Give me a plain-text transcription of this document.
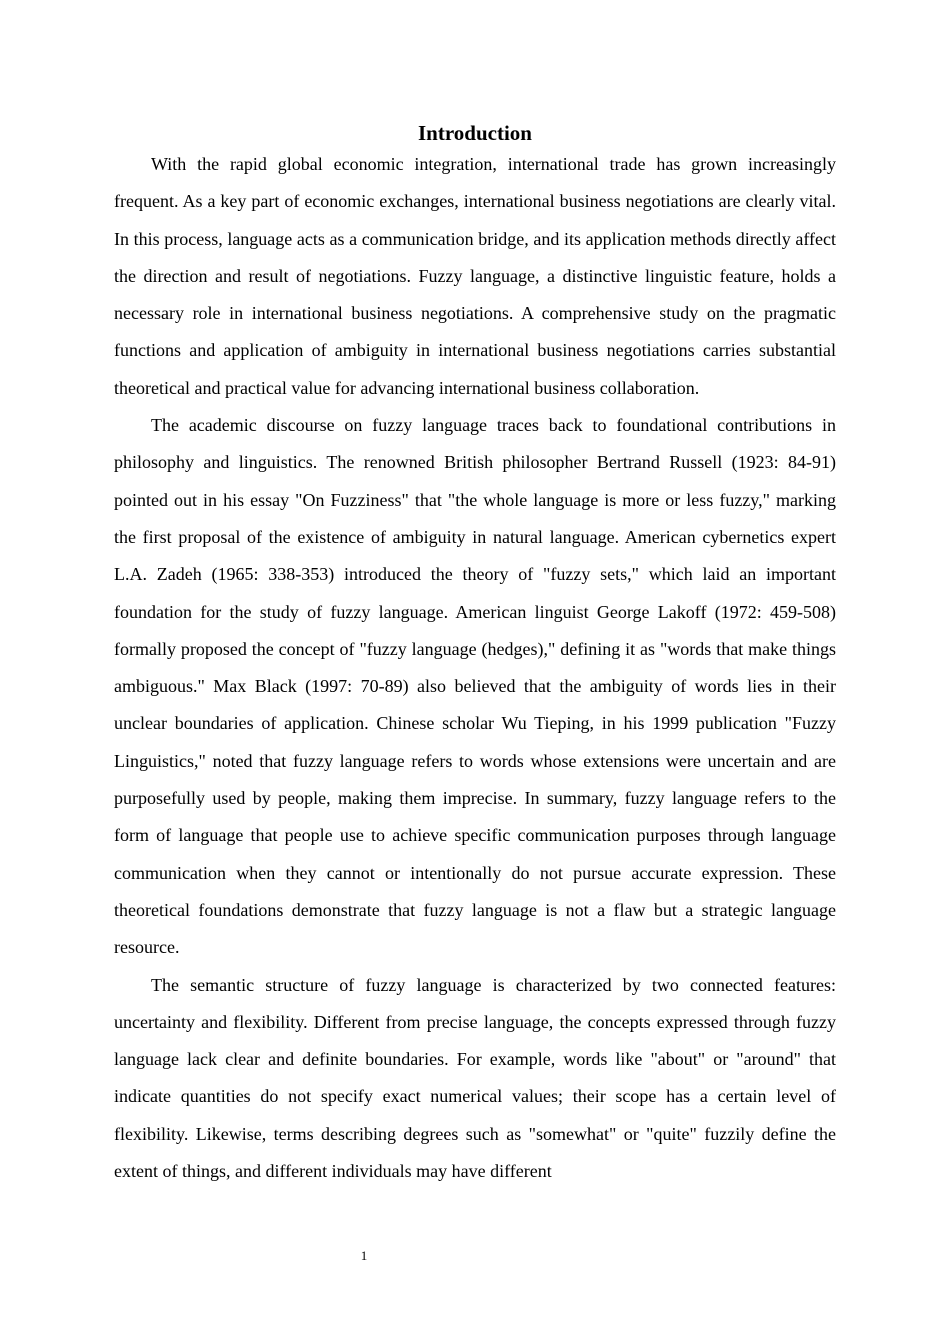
Introduction

With the rapid global economic integration, international trade has grown increasingly frequent. As a key part of economic exchanges, international business negotiations are clearly vital. In this process, language acts as a communication bridge, and its application methods directly affect the direction and result of negotiations. Fuzzy language, a distinctive linguistic feature, holds a necessary role in international business negotiations. A comprehensive study on the pragmatic functions and application of ambiguity in international business negotiations carries substantial theoretical and practical value for advancing international business collaboration.

The academic discourse on fuzzy language traces back to foundational contributions in philosophy and linguistics. The renowned British philosopher Bertrand Russell (1923: 84-91) pointed out in his essay "On Fuzziness" that "the whole language is more or less fuzzy," marking the first proposal of the existence of ambiguity in natural language. American cybernetics expert L.A. Zadeh (1965: 338-353) introduced the theory of "fuzzy sets," which laid an important foundation for the study of fuzzy language. American linguist George Lakoff (1972: 459-508) formally proposed the concept of "fuzzy language (hedges)," defining it as "words that make things ambiguous." Max Black (1997: 70-89) also believed that the ambiguity of words lies in their unclear boundaries of application. Chinese scholar Wu Tieping, in his 1999 publication "Fuzzy Linguistics," noted that fuzzy language refers to words whose extensions were uncertain and are purposefully used by people, making them imprecise. In summary, fuzzy language refers to the form of language that people use to achieve specific communication purposes through language communication when they cannot or intentionally do not pursue accurate expression. These theoretical foundations demonstrate that fuzzy language is not a flaw but a strategic language resource.

The semantic structure of fuzzy language is characterized by two connected features: uncertainty and flexibility. Different from precise language, the concepts expressed through fuzzy language lack clear and definite boundaries. For example, words like "about" or "around" that indicate quantities do not specify exact numerical values; their scope has a certain level of flexibility. Likewise, terms describing degrees such as "somewhat" or "quite" fuzzily define the extent of things, and different individuals may have different

1
